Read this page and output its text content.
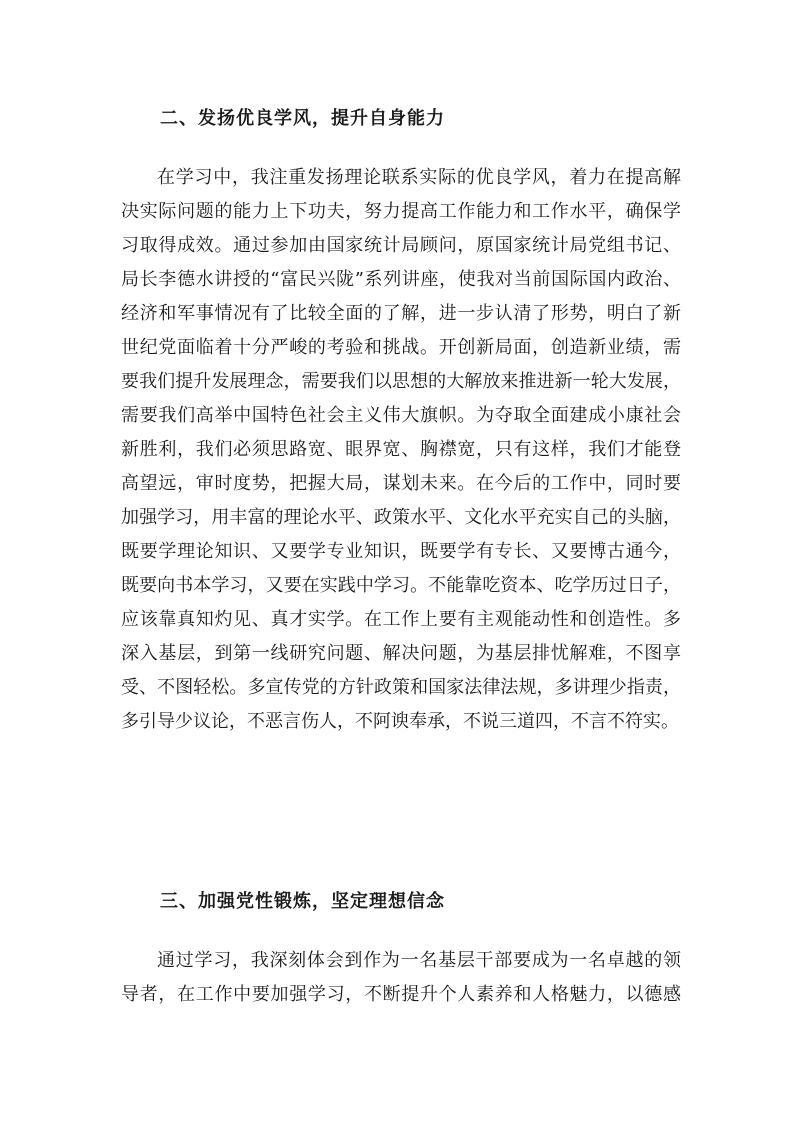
二、发扬优良学风，提升自身能力
在学习中，我注重发扬理论联系实际的优良学风，着力在提高解
决实际问题的能力上下功夫，努力提高工作能力和工作水平，确保学
习取得成效。通过参加由国家统计局顾问，原国家统计局党组书记、
局长李德水讲授的“富民兴陇”系列讲座，使我对当前国际国内政治、
经济和军事情况有了比较全面的了解，进一步认清了形势，明白了新
世纪党面临着十分严峻的考验和挑战。开创新局面，创造新业绩，需
要我们提升发展理念，需要我们以思想的大解放来推进新一轮大发展，
需要我们高举中国特色社会主义伟大旗帜。为夺取全面建成小康社会
新胜利，我们必须思路宽、眼界宽、胸襟宽，只有这样，我们才能登
高望远，审时度势，把握大局，谋划未来。在今后的工作中，同时要
加强学习，用丰富的理论水平、政策水平、文化水平充实自己的头脑，
既要学理论知识、又要学专业知识，既要学有专长、又要博古通今，
既要向书本学习，又要在实践中学习。不能靠吃资本、吃学历过日子，
应该靠真知灼见、真才实学。在工作上要有主观能动性和创造性。多
深入基层，到第一线研究问题、解决问题，为基层排忧解难，不图享
受、不图轻松。多宣传党的方针政策和国家法律法规，多讲理少指责，
多引导少议论，不恶言伤人，不阿谀奉承，不说三道四，不言不符实。
三、加强党性锻炼，坚定理想信念
通过学习，我深刻体会到作为一名基层干部要成为一名卓越的领
导者，在工作中要加强学习，不断提升个人素养和人格魅力，以德感
